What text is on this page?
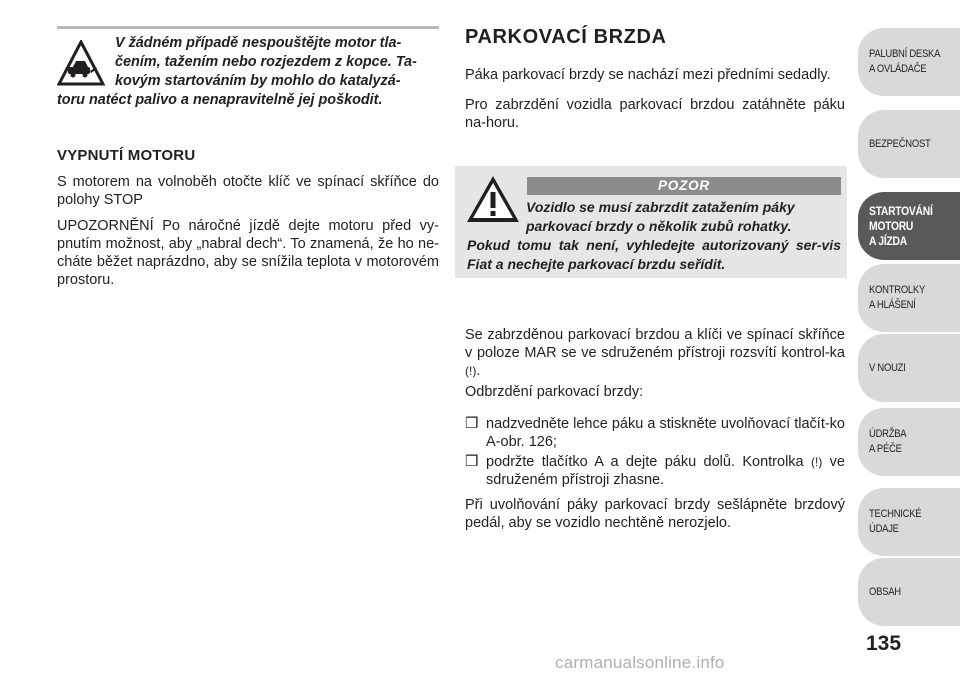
V žádném případě nespouštějte motor tla-
čením, tažením nebo rozjezdem z kopce. Ta-
kovým startováním by mohlo do katalyzá-
toru natéct palivo a nenapravitelně jej poškodit.

VYPNUTÍ MOTORU

S motorem na volnoběh otočte klíč ve spínací skříňce do polohy STOP

UPOZORNĚNÍ Po náročné jízdě dejte motoru před vy-pnutím možnost, aby „nabral dech“. To znamená, že ho ne-cháte běžet naprázdno, aby se snížila teplota v motorovém prostoru.

PARKOVACÍ BRZDA

Páka parkovací brzdy se nachází mezi předními sedadly.

Pro zabrzdění vozidla parkovací brzdou zatáhněte páku na-horu.

POZOR

Vozidlo se musí zabrzdit zatažením páky
parkovací brzdy o několik zubů rohatky.
Pokud tomu tak není, vyhledejte autorizovaný ser-vis Fiat a nechejte parkovací brzdu seřídit.

Se zabrzděnou parkovací brzdou a klíči ve spínací skříňce v poloze MAR se ve sdruženém přístroji rozsvítí kontrol-ka (!).

Odbrzdění parkovací brzdy:

❒ nadzvedněte lehce páku a stiskněte uvolňovací tlačít-ko A-obr. 126;
❒ podržte tlačítko A a dejte páku dolů. Kontrolka (!) ve sdruženém přístroji zhasne.

Při uvolňování páky parkovací brzdy sešlápněte brzdový pedál, aby se vozidlo nechtěně nerozjelo.

PALUBNÍ DESKA
A OVLÁDAČE
BEZPEČNOST
STARTOVÁNÍ
MOTORU
A JÍZDA
KONTROLKY
A HLÁŠENÍ
V NOUZI
ÚDRŽBA
A PÉČE
TECHNICKÉ
ÚDAJE
OBSAH
135
carmanualsonline.info
